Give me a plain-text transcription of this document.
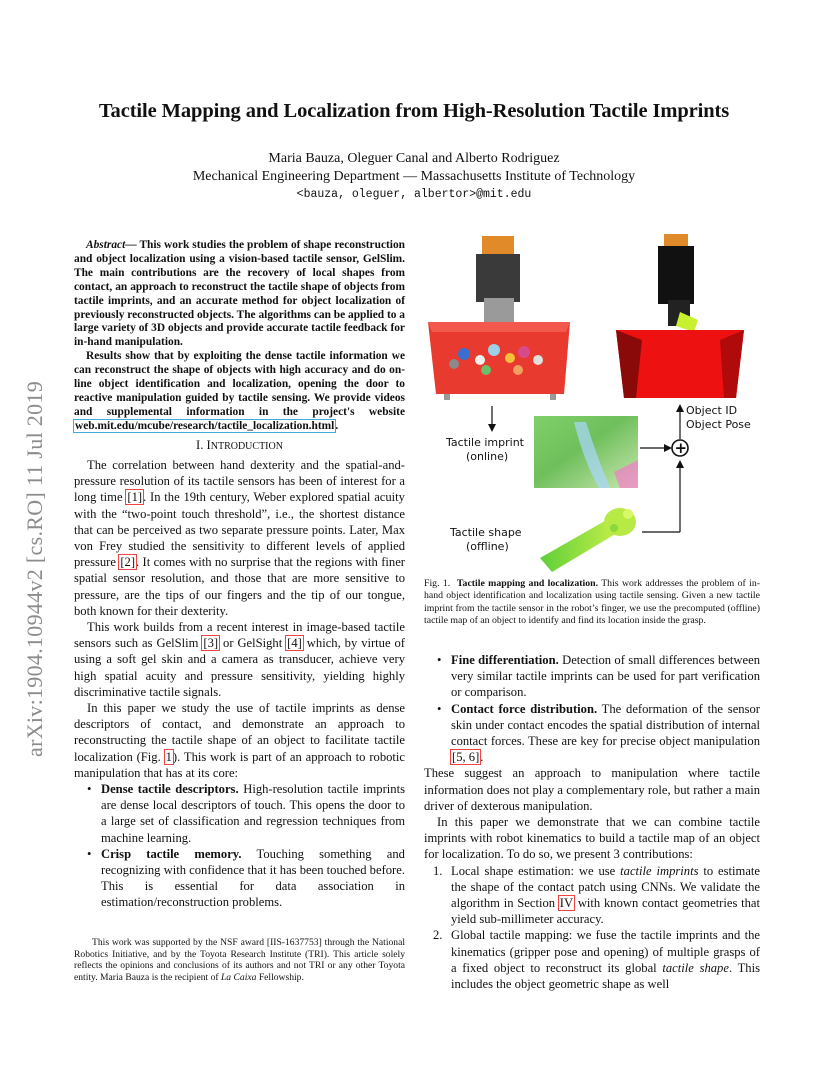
arXiv:1904.10944v2 [cs.RO] 11 Jul 2019
Tactile Mapping and Localization from High-Resolution Tactile Imprints
Maria Bauza, Oleguer Canal and Alberto Rodriguez
Mechanical Engineering Department — Massachusetts Institute of Technology
<bauza, oleguer, albertor>@mit.edu

Abstract— This work studies the problem of shape reconstruction and object localization using a vision-based tactile sensor, GelSlim. The main contributions are the recovery of local shapes from contact, an approach to reconstruct the tactile shape of objects from tactile imprints, and an accurate method for object localization of previously reconstructed objects. The algorithms can be applied to a large variety of 3D objects and provide accurate tactile feedback for in-hand manipulation.

Results show that by exploiting the dense tactile information we can reconstruct the shape of objects with high accuracy and do on-line object identification and localization, opening the door to reactive manipulation guided by tactile sensing. We provide videos and supplemental information in the project's website web.mit.edu/mcube/research/tactile_localization.html.

I. INTRODUCTION

The correlation between hand dexterity and the spatial-and-pressure resolution of its tactile sensors has been of interest for a long time [1]. In the 19th century, Weber explored spatial acuity with the “two-point touch threshold”, i.e., the shortest distance that can be perceived as two separate pressure points. Later, Max von Frey studied the sensitivity to different levels of applied pressure [2]. It comes with no surprise that the regions with finer spatial sensor resolution, and those that are more sensitive to pressure, are the tips of our fingers and the tip of our tongue, both known for their dexterity.

This work builds from a recent interest in image-based tactile sensors such as GelSlim [3] or GelSight [4] which, by virtue of using a soft gel skin and a camera as transducer, achieve very high spatial acuity and pressure sensitivity, yielding highly discriminative tactile signals.

In this paper we study the use of tactile imprints as dense descriptors of contact, and demonstrate an approach to reconstructing the tactile shape of an object to facilitate tactile localization (Fig. 1). This work is part of an approach to robotic manipulation that has at its core:

• Dense tactile descriptors. High-resolution tactile imprints are dense local descriptors of touch. This opens the door to a large set of classification and regression techniques from machine learning.
• Crisp tactile memory. Touching something and recognizing with confidence that it has been touched before. This is essential for data association in estimation/reconstruction problems.

This work was supported by the NSF award [IIS-1637753] through the National Robotics Initiative, and by the Toyota Research Institute (TRI). This article solely reflects the opinions and conclusions of its authors and not TRI or any other Toyota entity. Maria Bauza is the recipient of La Caixa Fellowship.

Tactile imprint
(online)	+
Object ID
Object Pose
Tactile shape
(offline)
Fig. 1. Tactile mapping and localization. This work addresses the problem of in-hand object identification and localization using tactile sensing. Given a new tactile imprint from the tactile sensor in the robot’s finger, we use the precomputed (offline) tactile map of an object to identify and find its location inside the grasp.
• Fine differentiation. Detection of small differences between very similar tactile imprints can be used for part verification or comparison.
• Contact force distribution. The deformation of the sensor skin under contact encodes the spatial distribution of internal contact forces. These are key for precise object manipulation [5, 6].

These suggest an approach to manipulation where tactile information does not play a complementary role, but rather a main driver of dexterous manipulation.

In this paper we demonstrate that we can combine tactile imprints with robot kinematics to build a tactile map of an object for localization. To do so, we present 3 contributions:

1. Local shape estimation: we use tactile imprints to estimate the shape of the contact patch using CNNs. We validate the algorithm in Section IV with known contact geometries that yield sub-millimeter accuracy.
2. Global tactile mapping: we fuse the tactile imprints and the kinematics (gripper pose and opening) of multiple grasps of a fixed object to reconstruct its global tactile shape. This includes the object geometric shape as well
